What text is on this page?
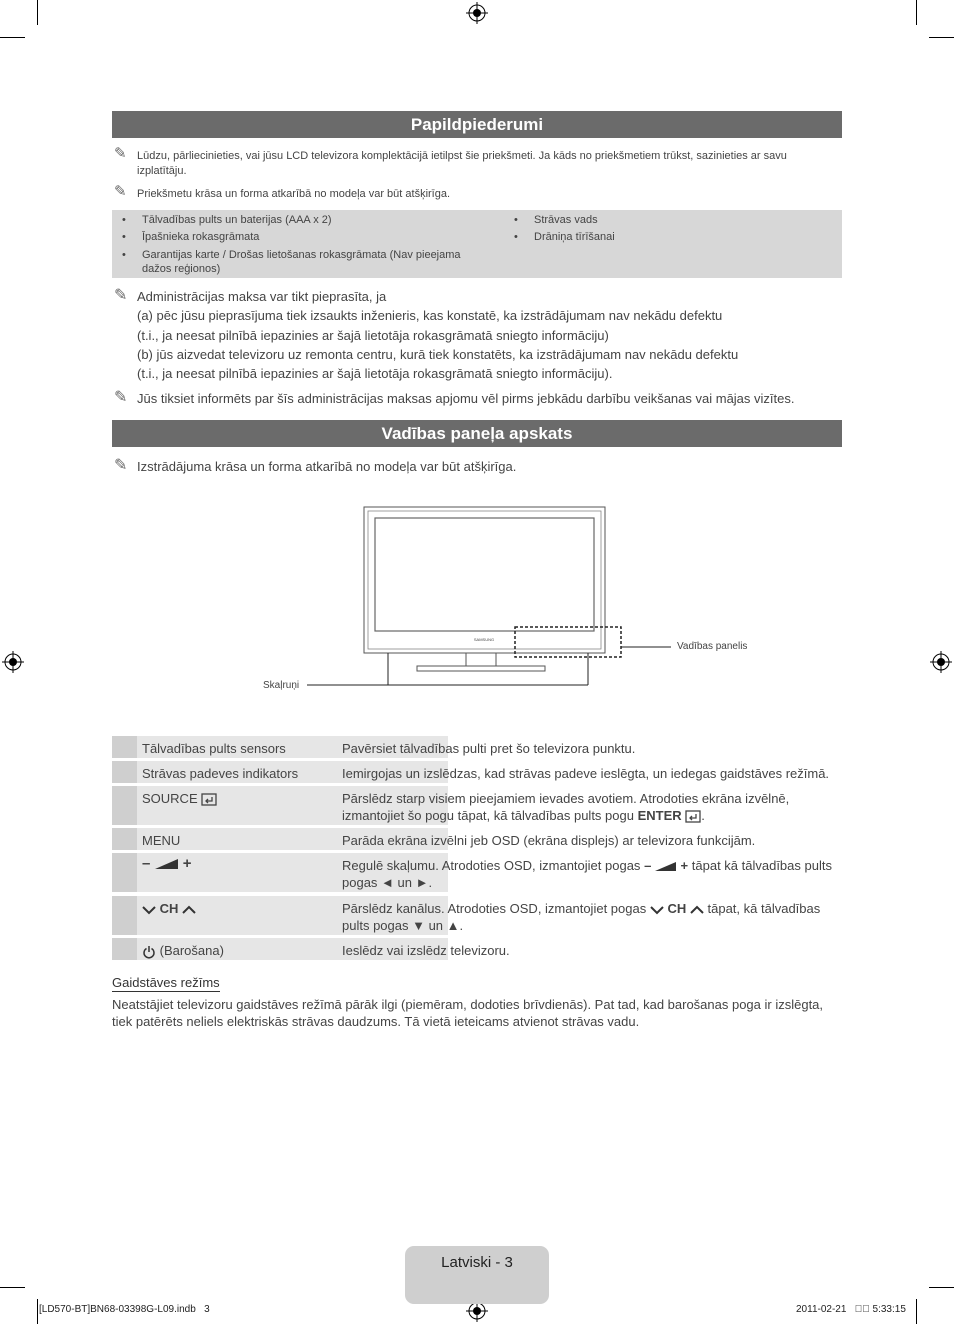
Papildpiederumi
✎ Lūdzu, pārliecinieties, vai jūsu LCD televizora komplektācijā ietilpst šie priekšmeti. Ja kāds no priekšmetiem trūkst, sazinieties ar savu izplatītāju.
✎ Priekšmetu krāsa un forma atkarībā no modeļa var būt atšķirīga.
• Tālvadības pults un baterijas (AAA x 2)
• Īpašnieka rokasgrāmata
• Garantijas karte / Drošas lietošanas rokasgrāmata (Nav pieejama dažos reģionos)
• Strāvas vads
• Drāniņa tīrīšanai
✎ Administrācijas maksa var tikt pieprasīta, ja
(a) pēc jūsu pieprasījuma tiek izsaukts inženieris, kas konstatē, ka izstrādājumam nav nekādu defektu
(t.i., ja neesat pilnībā iepazinies ar šajā lietotāja rokasgrāmatā sniegto informāciju)
(b) jūs aizvedat televizoru uz remonta centru, kurā tiek konstatēts, ka izstrādājumam nav nekādu defektu
(t.i., ja neesat pilnībā iepazinies ar šajā lietotāja rokasgrāmatā sniegto informāciju).
✎ Jūs tiksiet informēts par šīs administrācijas maksas apjomu vēl pirms jebkādu darbību veikšanas vai mājas vizītes.
Vadības paneļa apskats
✎ Izstrādājuma krāsa un forma atkarībā no modeļa var būt atšķirīga.
SAMSUNG
Vadības panelis
Skaļruņi
Tālvadības pults sensors	Pavērsiet tālvadības pulti pret šo televizora punktu.
Strāvas padeves indikators	Iemirgojas un izslēdzas, kad strāvas padeve ieslēgta, un iedegas gaidstāves režīmā.
SOURCE	Pārslēdz starp visiem pieejamiem ievades avotiem. Atrodoties ekrāna izvēlnē, izmantojiet šo pogu tāpat, kā tālvadības pults pogu ENTER .
MENU	Parāda ekrāna izvēlni jeb OSD (ekrāna displejs) ar televizora funkcijām.
– +	Regulē skaļumu. Atrodoties OSD, izmantojiet pogas – + tāpat kā tālvadības pults pogas ◄ un ►.
CH	Pārslēdz kanālus. Atrodoties OSD, izmantojiet pogas CH tāpat, kā tālvadības pults pogas ▼ un ▲.
(Barošana)	Ieslēdz vai izslēdz televizoru.
Gaidstāves režīms
Neatstājiet televizoru gaidstāves režīmā pārāk ilgi (piemēram, dodoties brīvdienās). Pat tad, kad barošanas poga ir izslēgta, tiek patērēts neliels elektriskās strāvas daudzums. Tā vietā ieteicams atvienot strāvas vadu.
Latviski - 3
[LD570-BT]BN68-03398G-L09.indb   3	2011-02-21   ￿￿ 5:33:15
